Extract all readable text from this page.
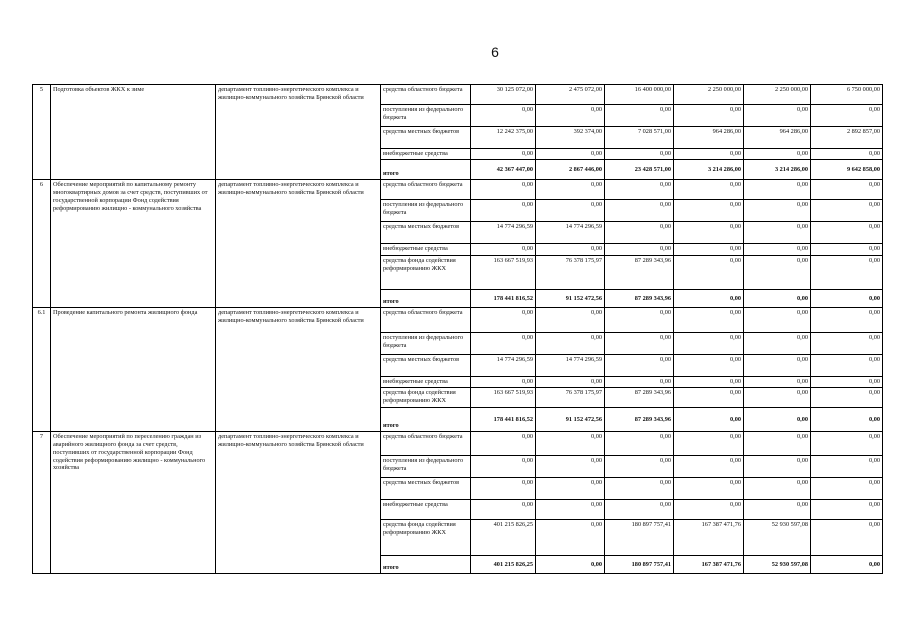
6
5	Подготовка объектов ЖКХ к зиме	департамент топливно-энергетического комплекса и жилищно-коммунального хозяйства Брянской области	средства областного бюджета	30 125 072,00	2 475 072,00	16 400 000,00	2 250 000,00	2 250 000,00	6 750 000,00
			поступления из федерального бюджета	0,00	0,00	0,00	0,00	0,00	0,00
			средства местных бюджетов	12 242 375,00	392 374,00	7 028 571,00	964 286,00	964 286,00	2 892 857,00
			внебюджетные средства	0,00	0,00	0,00	0,00	0,00	0,00
			итого	42 367 447,00	2 867 446,00	23 428 571,00	3 214 286,00	3 214 286,00	9 642 858,00
6	Обеспечение мероприятий по капитальному ремонту многоквартирных домов за счет средств, поступивших от государственной корпорации Фонд содействия реформированию жилищно - коммунального хозяйства	департамент топливно-энергетического комплекса и жилищно-коммунального хозяйства Брянской области	средства областного бюджета	0,00	0,00	0,00	0,00	0,00	0,00
			поступления из федерального бюджета	0,00	0,00	0,00	0,00	0,00	0,00
			средства местных бюджетов	14 774 296,59	14 774 296,59	0,00	0,00	0,00	0,00
			внебюджетные средства	0,00	0,00	0,00	0,00	0,00	0,00
			средства фонда содействия реформированию ЖКХ	163 667 519,93	76 378 175,97	87 289 343,96	0,00	0,00	0,00
			итого	178 441 816,52	91 152 472,56	87 289 343,96	0,00	0,00	0,00
6.1	Проведение капитального ремонта жилищного фонда	департамент топливно-энергетического комплекса и жилищно-коммунального хозяйства Брянской области	средства областного бюджета	0,00	0,00	0,00	0,00	0,00	0,00
			поступления из федерального бюджета	0,00	0,00	0,00	0,00	0,00	0,00
			средства местных бюджетов	14 774 296,59	14 774 296,59	0,00	0,00	0,00	0,00
			внебюджетные средства	0,00	0,00	0,00	0,00	0,00	0,00
			средства фонда содействия реформированию ЖКХ	163 667 519,93	76 378 175,97	87 289 343,96	0,00	0,00	0,00
			итого	178 441 816,52	91 152 472,56	87 289 343,96	0,00	0,00	0,00
7	Обеспечение мероприятий по переселению граждан из аварийного жилищного фонда за счет средств, поступивших от государственной корпорации Фонд содействия реформированию жилищно - коммунального хозяйства	департамент топливно-энергетического комплекса и жилищно-коммунального хозяйства Брянской области	средства областного бюджета	0,00	0,00	0,00	0,00	0,00	0,00
			поступления из федерального бюджета	0,00	0,00	0,00	0,00	0,00	0,00
			средства местных бюджетов	0,00	0,00	0,00	0,00	0,00	0,00
			внебюджетные средства	0,00	0,00	0,00	0,00	0,00	0,00
			средства фонда содействия реформированию ЖКХ	401 215 826,25	0,00	180 897 757,41	167 387 471,76	52 930 597,08	0,00
			итого	401 215 826,25	0,00	180 897 757,41	167 387 471,76	52 930 597,08	0,00
